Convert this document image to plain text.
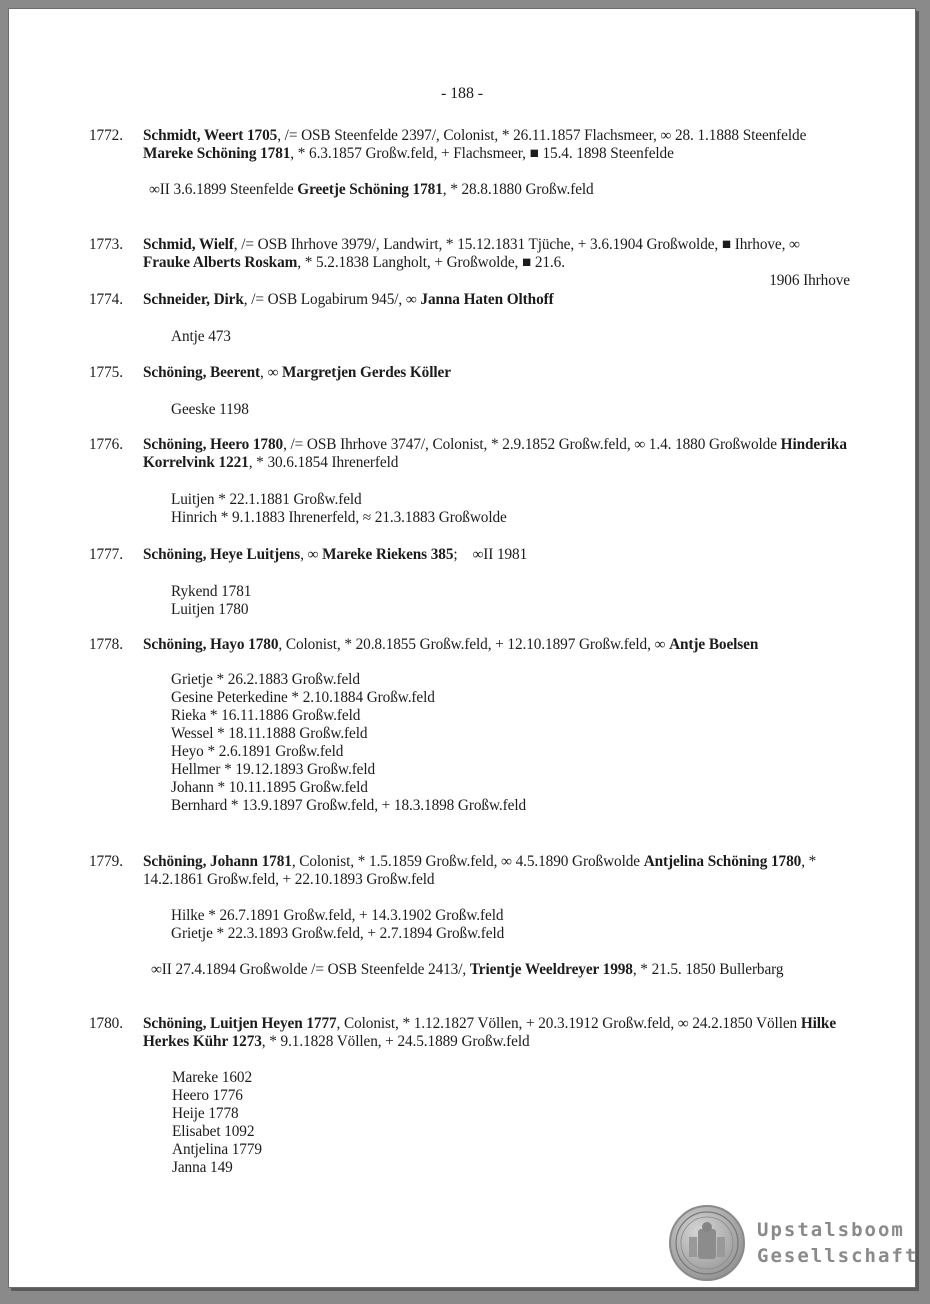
- 188 -
1772.	Schmidt, Weert 1705, /= OSB Steenfelde 2397/, Colonist, * 26.11.1857 Flachsmeer, ∞ 28. 1.1888 Steenfelde Mareke Schöning 1781, * 6.3.1857 Großw.feld, + Flachsmeer, ■ 15.4. 1898 Steenfelde
∞II 3.6.1899 Steenfelde Greetje Schöning 1781, * 28.8.1880 Großw.feld
1773.	Schmid, Wielf, /= OSB Ihrhove 3979/, Landwirt, * 15.12.1831 Tjüche, + 3.6.1904 Großwolde, ■ Ihrhove, ∞ Frauke Alberts Roskam, * 5.2.1838 Langholt, + Großwolde, ■ 21.6.
1906 Ihrhove
1774.	Schneider, Dirk, /= OSB Logabirum 945/, ∞ Janna Haten Olthoff
Antje 473
1775.	Schöning, Beerent, ∞ Margretjen Gerdes Köller
Geeske 1198
1776.	Schöning, Heero 1780, /= OSB Ihrhove 3747/, Colonist, * 2.9.1852 Großw.feld, ∞ 1.4. 1880 Großwolde Hinderika Korrelvink 1221, * 30.6.1854 Ihrenerfeld
Luitjen * 22.1.1881 Großw.feld
Hinrich * 9.1.1883 Ihrenerfeld, ≈ 21.3.1883 Großwolde
1777.	Schöning, Heye Luitjens, ∞ Mareke Riekens 385;    ∞II 1981
Rykend 1781
Luitjen 1780
1778.	Schöning, Hayo 1780, Colonist, * 20.8.1855 Großw.feld, + 12.10.1897 Großw.feld, ∞ Antje Boelsen
Grietje * 26.2.1883 Großw.feld
Gesine Peterkedine * 2.10.1884 Großw.feld
Rieka * 16.11.1886 Großw.feld
Wessel * 18.11.1888 Großw.feld
Heyo * 2.6.1891 Großw.feld
Hellmer * 19.12.1893 Großw.feld
Johann * 10.11.1895 Großw.feld
Bernhard * 13.9.1897 Großw.feld, + 18.3.1898 Großw.feld
1779.	Schöning, Johann 1781, Colonist, * 1.5.1859 Großw.feld, ∞ 4.5.1890 Großwolde Antjelina Schöning 1780, * 14.2.1861 Großw.feld, + 22.10.1893 Großw.feld
Hilke * 26.7.1891 Großw.feld, + 14.3.1902 Großw.feld
Grietje * 22.3.1893 Großw.feld, + 2.7.1894 Großw.feld
∞II 27.4.1894 Großwolde /= OSB Steenfelde 2413/, Trientje Weeldreyer 1998, * 21.5. 1850 Bullerbarg
1780.	Schöning, Luitjen Heyen 1777, Colonist, * 1.12.1827 Völlen, + 20.3.1912 Großw.feld, ∞ 24.2.1850 Völlen Hilke Herkes Kühr 1273, * 9.1.1828 Völlen, + 24.5.1889 Großw.feld
Mareke 1602
Heero 1776
Heije 1778
Elisabet 1092
Antjelina 1779
Janna 149
Upstalsboom
Gesellschaft
